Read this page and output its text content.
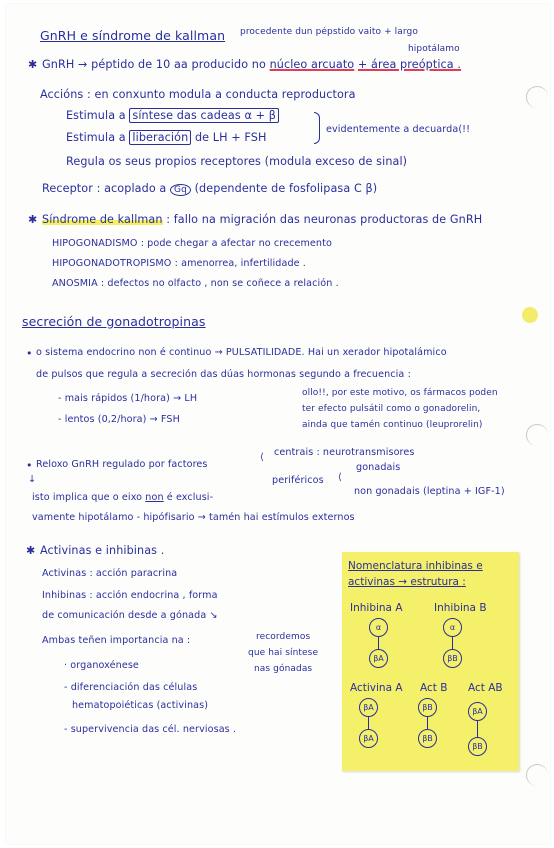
GnRH e síndrome de kallman procedente dun pépstido vaito + largo
hipotálamo
✱ GnRH → péptido de 10 aa producido no núcleo arcuato + área preóptica .
Accións : en conxunto modula a conducta reproductora
Estimula a síntese das cadeas α + β
Estimula a liberación de LH + FSH
evidentemente a decuarda(!!
Regula os seus propios receptores (modula exceso de sinal)
Receptor : acoplado a Gq (dependente de fosfolipasa C β)
✱ Síndrome de kallman : fallo na migración das neuronas productoras de GnRH
HIPOGONADISMO : pode chegar a afectar no crecemento
HIPOGONADOTROPISMO : amenorrea, infertilidade .
ANOSMIA : defectos no olfacto , non se coñece a relación .
secreción de gonadotropinas
• o sistema endocrino non é continuo → PULSATILIDADE. Hai un xerador hipotalámico
de pulsos que regula a secreción das dúas hormonas segundo a frecuencia :
- mais rápidos (1/hora) → LH
- lentos (0,2/hora) → FSH
ollo!!, por este motivo, os fármacos poden
ter efecto pulsátil como o gonadorelin,
ainda que tamén continuo (leuprorelin)
• Reloxo GnRH regulado por factores
⟨ centrais : neurotransmisores
periféricos ⟨
gonadais
non gonadais (leptina + IGF-1)
↓
isto implica que o eixo non é exclusi-
vamente hipotálamo - hipófisario → tamén hai estímulos externos
✱ Activinas e inhibinas .
Activinas : acción paracrina
Inhibinas : acción endocrina , forma
de comunicación desde a gónada ↘
Ambas teñen importancia na :	recordemos
que hai síntese
nas gónadas
· organoxénese
- diferenciación das células
hematopoiéticas (activinas)
- supervivencia das cél. nerviosas .
Nomenclatura inhibinas e
activinas → estrutura :
Inhibina A	Inhibina B
α
βA
α
βB
Activina A Act B Act AB
βA
βA
βB
βB
βA
βB
